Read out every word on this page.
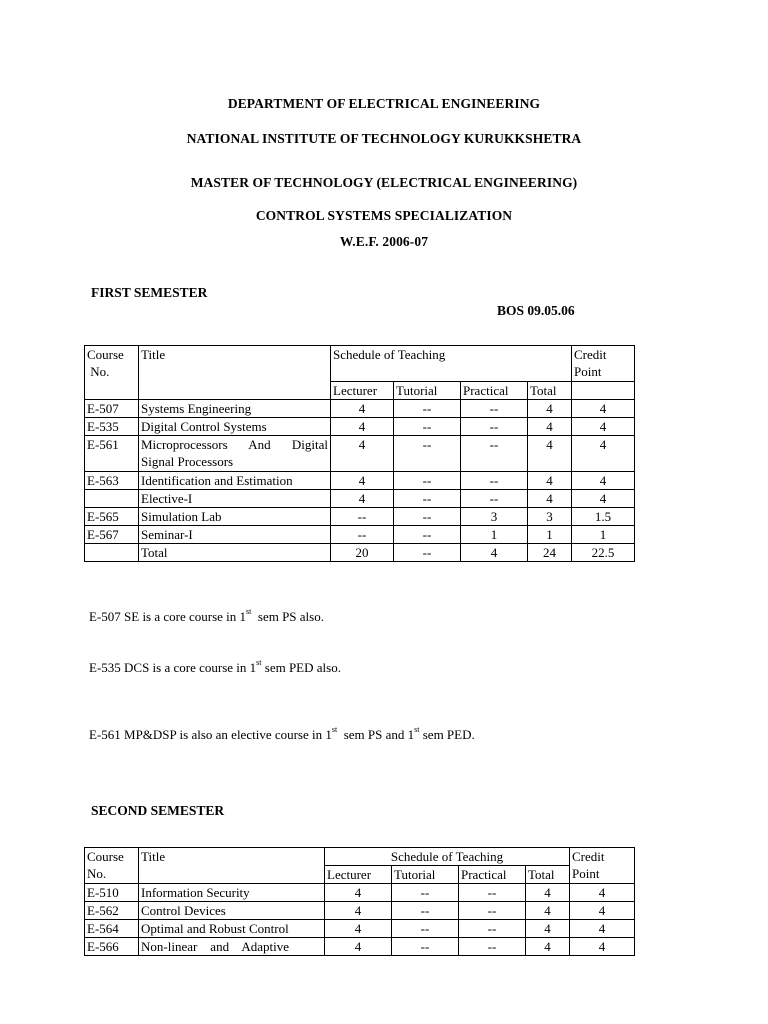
DEPARTMENT OF ELECTRICAL ENGINEERING
NATIONAL INSTITUTE OF TECHNOLOGY KURUKKSHETRA
MASTER OF TECHNOLOGY (ELECTRICAL ENGINEERING)
CONTROL SYSTEMS SPECIALIZATION
W.E.F. 2006-07
FIRST SEMESTER
BOS 09.05.06
Course
No.	Title	Schedule of Teaching				Credit
Point

		Lecturer	Tutorial	Practical	Total	
E-507	Systems Engineering	4	--	--	4	4
E-535	Digital Control Systems	4	--	--	4	4
E-561	Microprocessors And Digital
Signal Processors	4	--	--	4	4
E-563	Identification and Estimation	4	--	--	4	4
	Elective-I	4	--	--	4	4
E-565	Simulation Lab	--	--	3	3	1.5
E-567	Seminar-I	--	--	1	1	1
	Total	20	--	4	24	22.5
E-507 SE is a core course in 1st  sem PS also.
E-535 DCS is a core course in 1st sem PED also.
E-561 MP&DSP is also an elective course in 1st  sem PS and 1st sem PED.
SECOND SEMESTER
Course
No.	Title	Schedule of Teaching				Credit
Point

		Lecturer	Tutorial	Practical	Total	
E-510	Information Security	4	--	--	4	4
E-562	Control Devices	4	--	--	4	4
E-564	Optimal and Robust Control	4	--	--	4	4
E-566	Non-linear    and    Adaptive	4	--	--	4	4
